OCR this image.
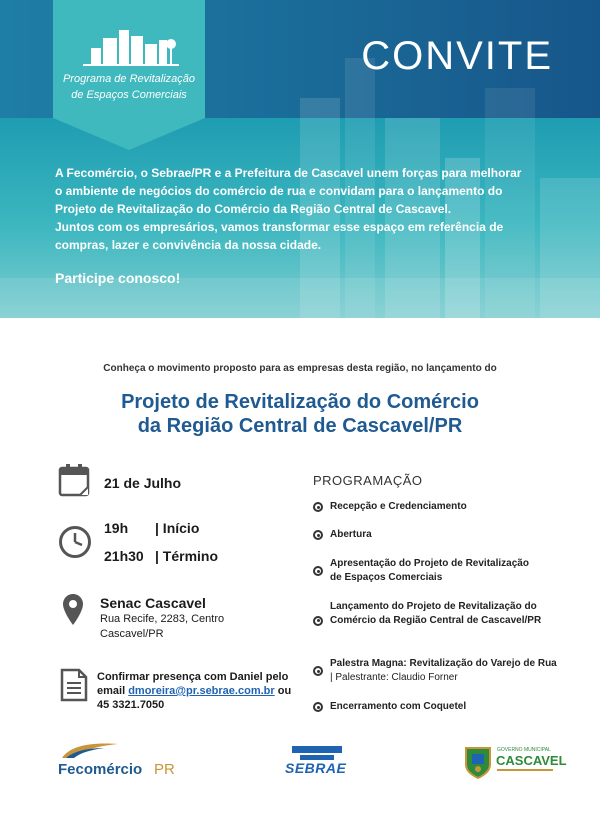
Programa de Revitalização
de Espaços Comerciais
CONVITE

A Fecomércio, o Sebrae/PR e a Prefeitura de Cascavel unem forças para melhorar o ambiente de negócios do comércio de rua e convidam para o lançamento do Projeto de Revitalização do Comércio da Região Central de Cascavel.

Juntos com os empresários, vamos transformar esse espaço em referência de compras, lazer e convivência da nossa cidade.

Participe conosco!
Conheça o movimento proposto para as empresas desta região, no lançamento do
Projeto de Revitalização do Comércio
da Região Central de Cascavel/PR
21 de Julho
19h | Início
21h30 | Término
Senac Cascavel
Rua Recife, 2283, Centro
Cascavel/PR
Confirmar presença com Daniel pelo
email dmoreira@pr.sebrae.com.br ou
45 3321.7050
PROGRAMAÇÃO
Recepção e Credenciamento
Abertura
Apresentação do Projeto de Revitalização de Espaços Comerciais
Lançamento do Projeto de Revitalização do Comércio da Região Central de Cascavel/PR
Palestra Magna: Revitalização do Varejo de Rua | Palestrante: Claudio Forner
Encerramento com Coquetel
Fecomércio PR	SEBRAE
GOVERNO MUNICIPAL
CASCAVEL
